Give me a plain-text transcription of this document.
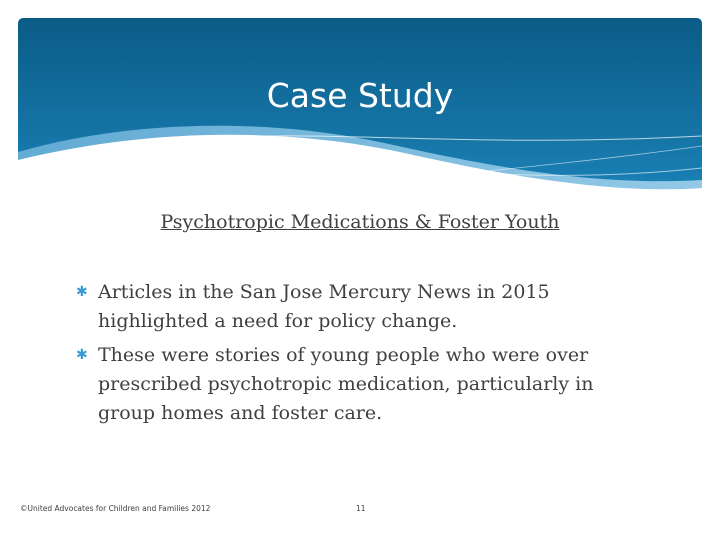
Case Study
Psychotropic Medications & Foster Youth
✱ Articles in the San Jose Mercury News in 2015 highlighted a need for policy change.
✱ These were stories of young people who were over prescribed psychotropic medication, particularly in group homes and foster care.
©United Advocates for Children and Families 2012	11
